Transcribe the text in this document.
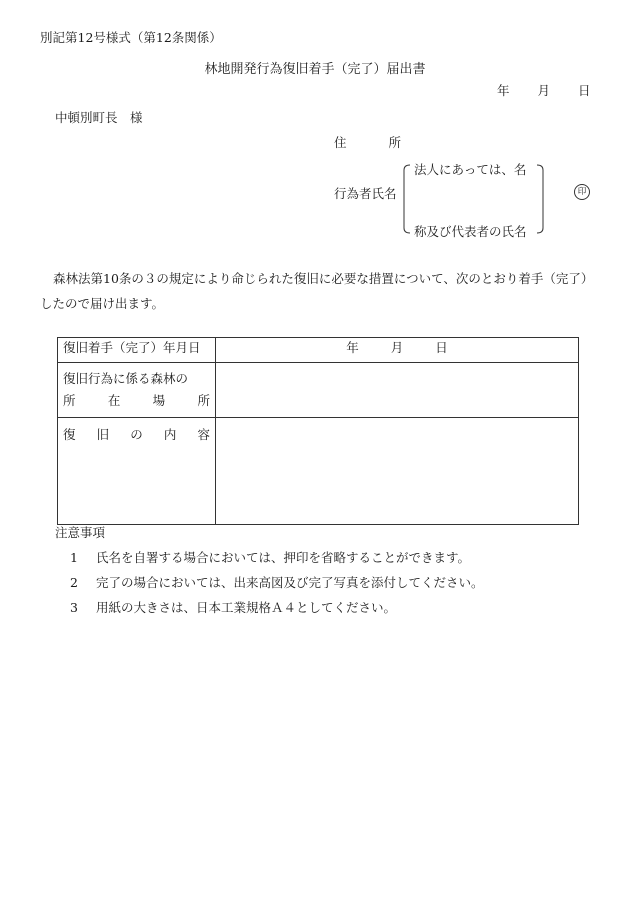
別記第12号様式（第12条関係）
林地開発行為復旧着手（完了）届出書
年 月 日
中頓別町長　様
住	所
行為者氏名
法人にあっては、名
称及び代表者の氏名
印
森林法第10条の３の規定により命じられた復旧に必要な措置について、次のとおり着手（完了）したので届け出ます。
復旧着手（完了）年月日	年 月 日

復旧行為に係る森林の
所 在 場 所	

復 旧 の 内 容	

注意事項
1 氏名を自署する場合においては、押印を省略することができます。
2 完了の場合においては、出来高図及び完了写真を添付してください。
3 用紙の大きさは、日本工業規格Ａ４としてください。
